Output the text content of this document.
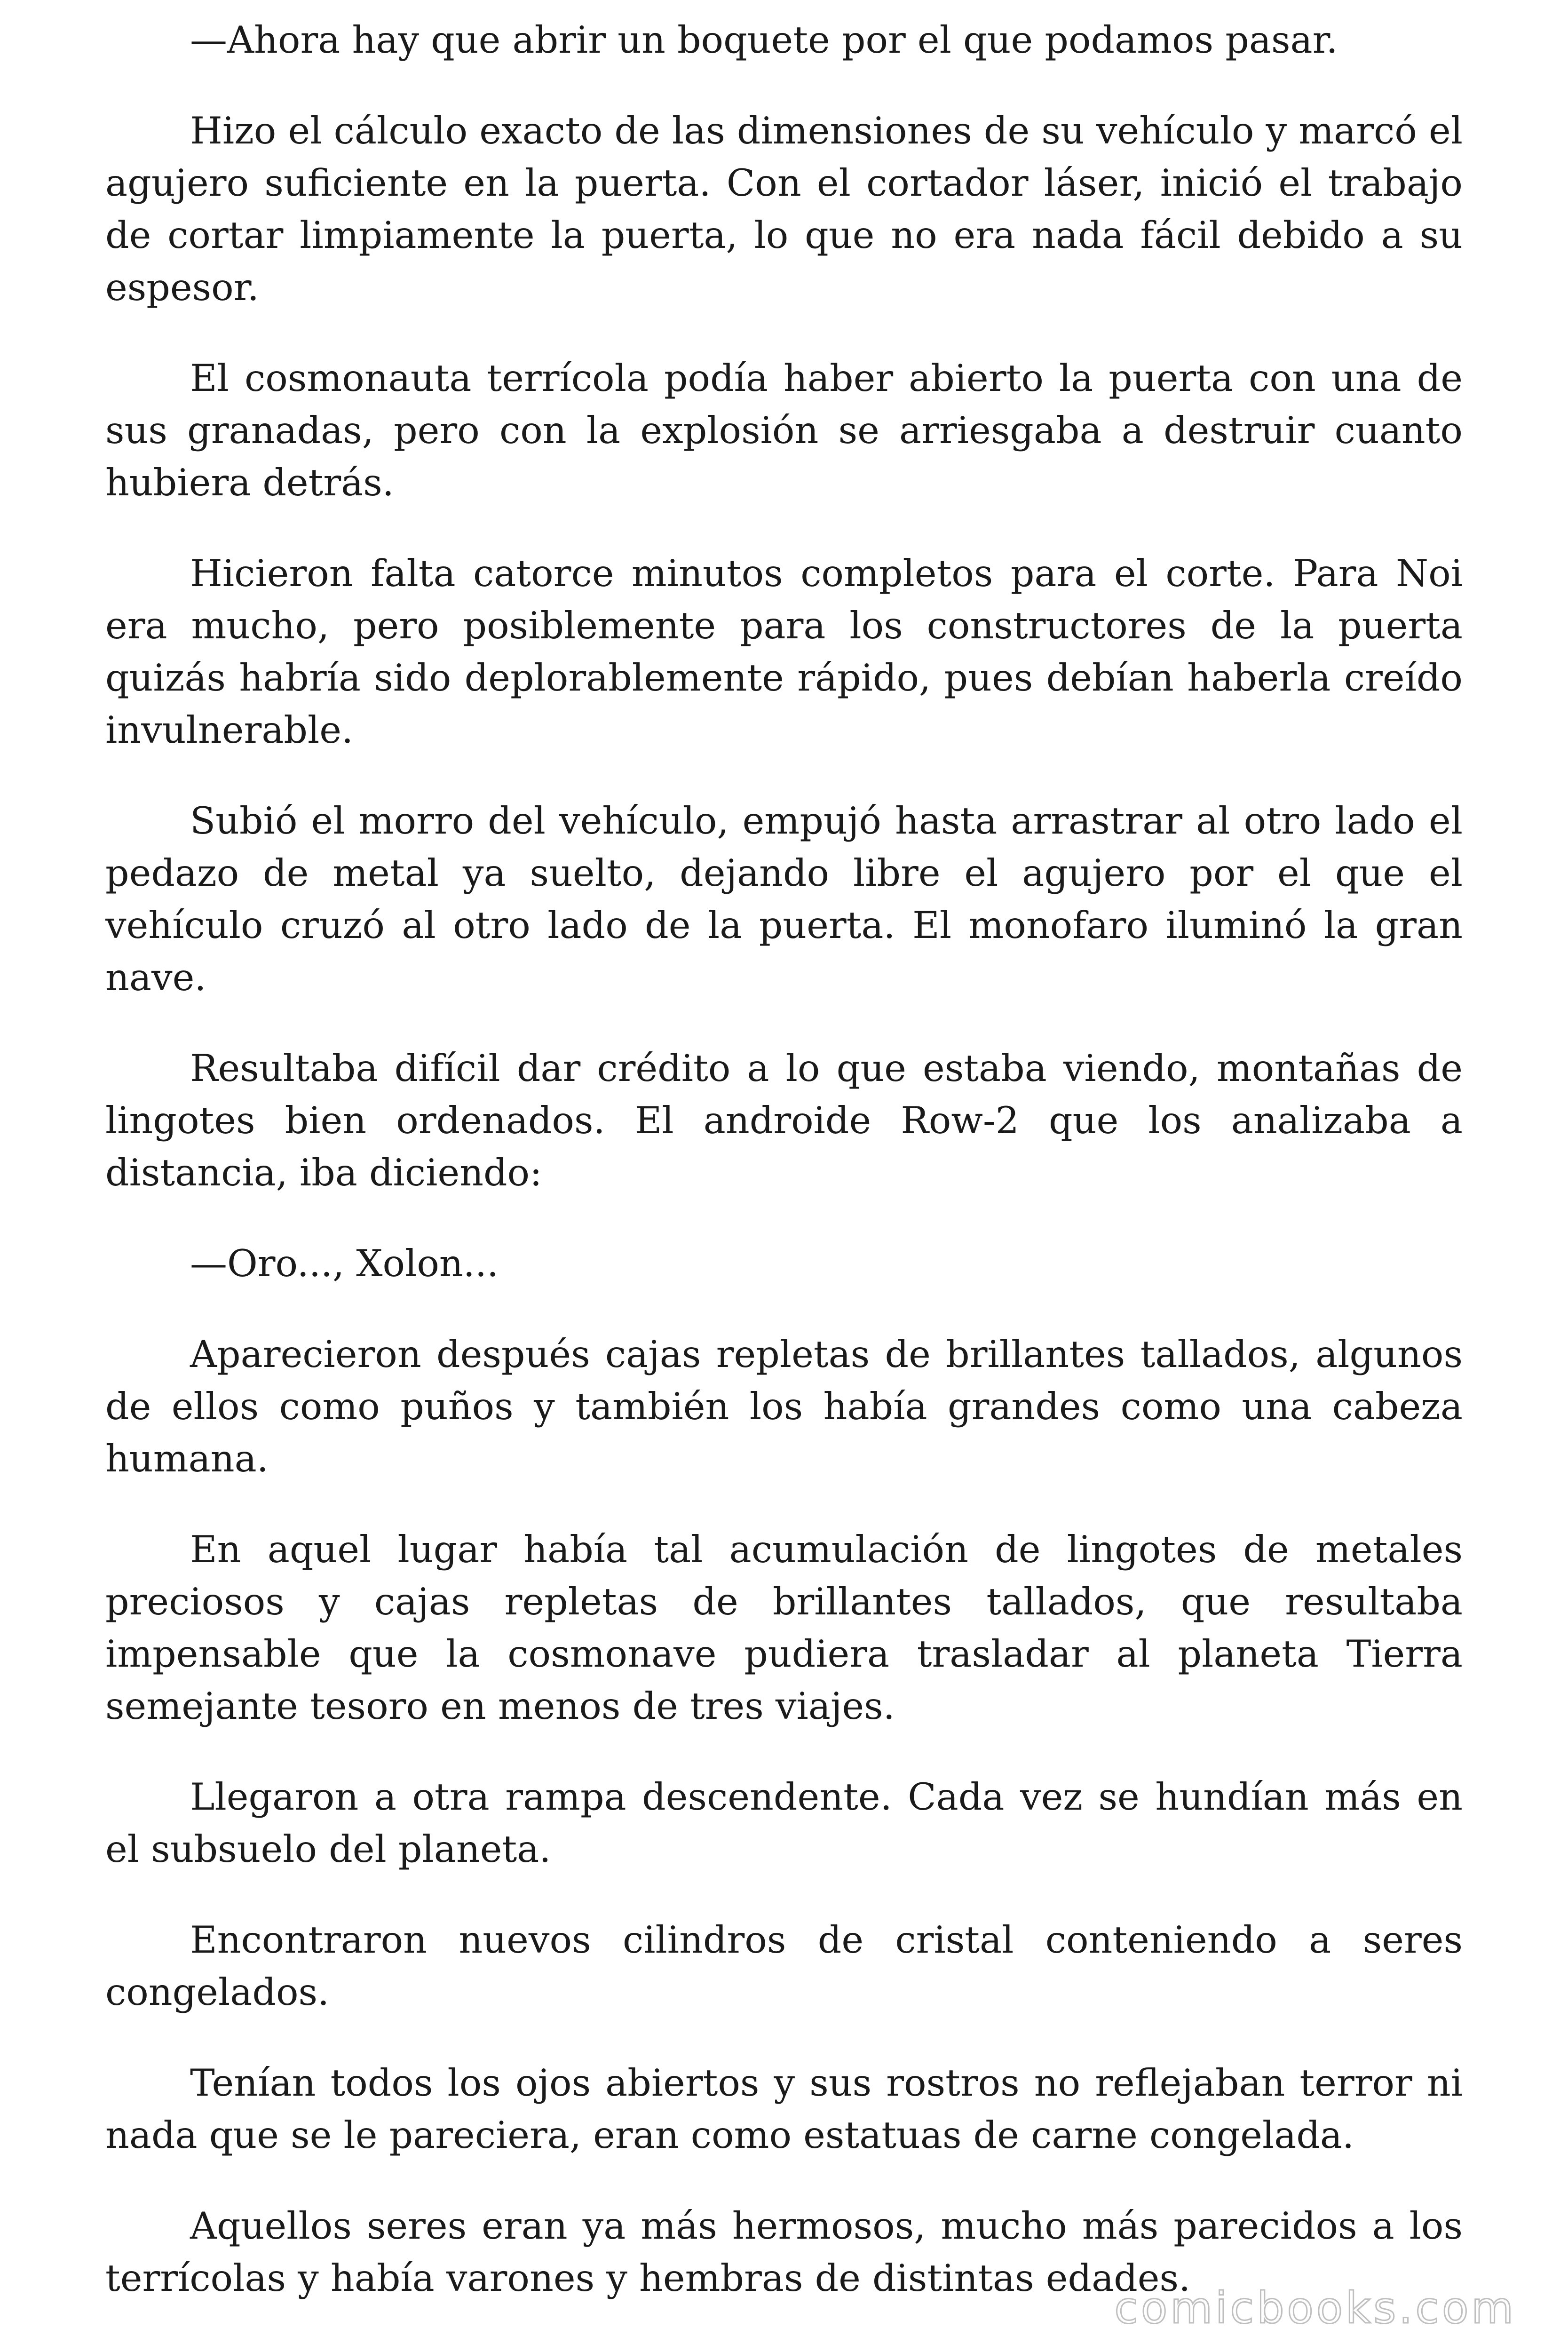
—Ahora hay que abrir un boquete por el que podamos pasar.

Hizo el cálculo exacto de las dimensiones de su vehículo y marcó el agujero suficiente en la puerta. Con el cortador láser, inició el trabajo de cortar limpiamente la puerta, lo que no era nada fácil debido a su espesor.

El cosmonauta terrícola podía haber abierto la puerta con una de sus granadas, pero con la explosión se arriesgaba a destruir cuanto hubiera detrás.

Hicieron falta catorce minutos completos para el corte. Para Noi era mucho, pero posiblemente para los constructores de la puerta quizás habría sido deplorablemente rápido, pues debían haberla creído invulnerable.

Subió el morro del vehículo, empujó hasta arrastrar al otro lado el pedazo de metal ya suelto, dejando libre el agujero por el que el vehículo cruzó al otro lado de la puerta. El monofaro iluminó la gran nave.

Resultaba difícil dar crédito a lo que estaba viendo, montañas de lingotes bien ordenados. El androide Row-2 que los analizaba a distancia, iba diciendo:

—Oro..., Xolon...

Aparecieron después cajas repletas de brillantes tallados, algunos de ellos como puños y también los había grandes como una cabeza humana.

En aquel lugar había tal acumulación de lingotes de metales preciosos y cajas repletas de brillantes tallados, que resultaba impensable que la cosmonave pudiera trasladar al planeta Tierra semejante tesoro en menos de tres viajes.

Llegaron a otra rampa descendente. Cada vez se hundían más en el subsuelo del planeta.

Encontraron nuevos cilindros de cristal conteniendo a seres congelados.

Tenían todos los ojos abiertos y sus rostros no reflejaban terror ni nada que se le pareciera, eran como estatuas de carne congelada.

Aquellos seres eran ya más hermosos, mucho más parecidos a los terrícolas y había varones y hembras de distintas edades.

comicbooks.com
